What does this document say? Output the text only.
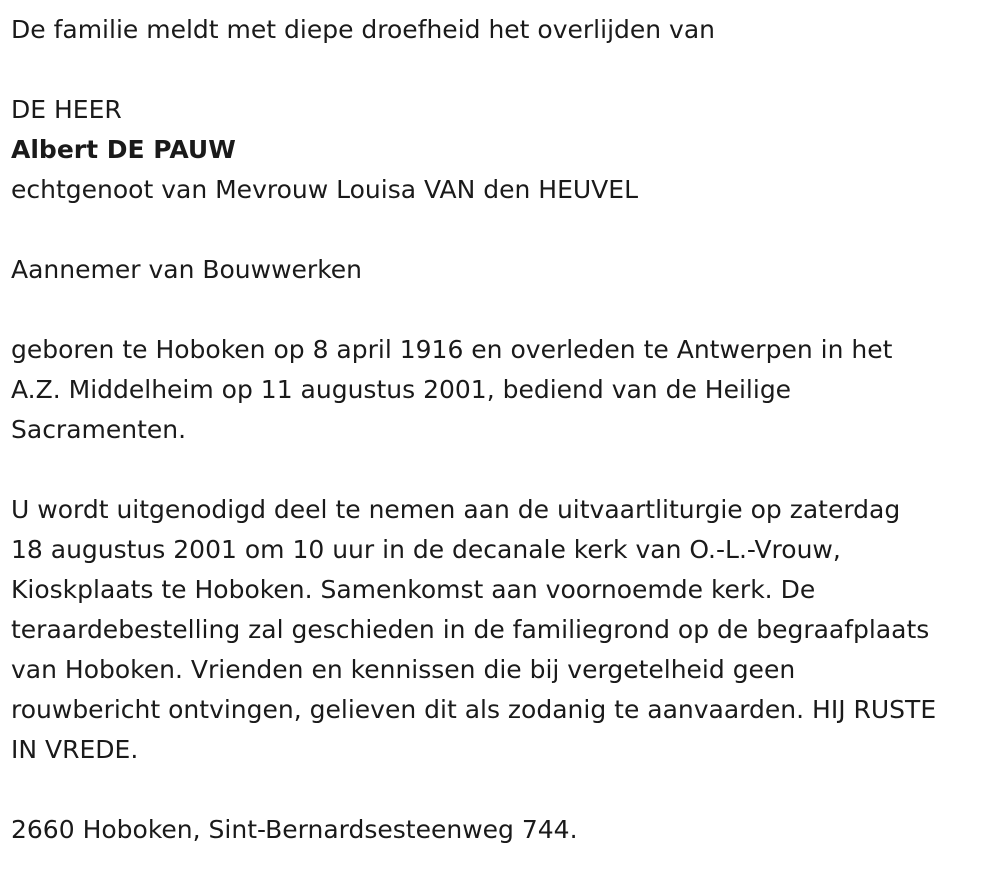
De familie meldt met diepe droefheid het overlijden van

DE HEER

Albert DE PAUW

echtgenoot van Mevrouw Louisa VAN den HEUVEL

Aannemer van Bouwwerken

geboren te Hoboken op 8 april 1916 en overleden te Antwerpen in het

A.Z. Middelheim op 11 augustus 2001, bediend van de Heilige

Sacramenten.

U wordt uitgenodigd deel te nemen aan de uitvaartliturgie op zaterdag

18 augustus 2001 om 10 uur in de decanale kerk van O.-L.-Vrouw,

Kioskplaats te Hoboken. Samenkomst aan voornoemde kerk. De

teraardebestelling zal geschieden in de familiegrond op de begraafplaats

van Hoboken. Vrienden en kennissen die bij vergetelheid geen

rouwbericht ontvingen, gelieven dit als zodanig te aanvaarden. HIJ RUSTE

IN VREDE.

2660 Hoboken, Sint-Bernardsesteenweg 744.
